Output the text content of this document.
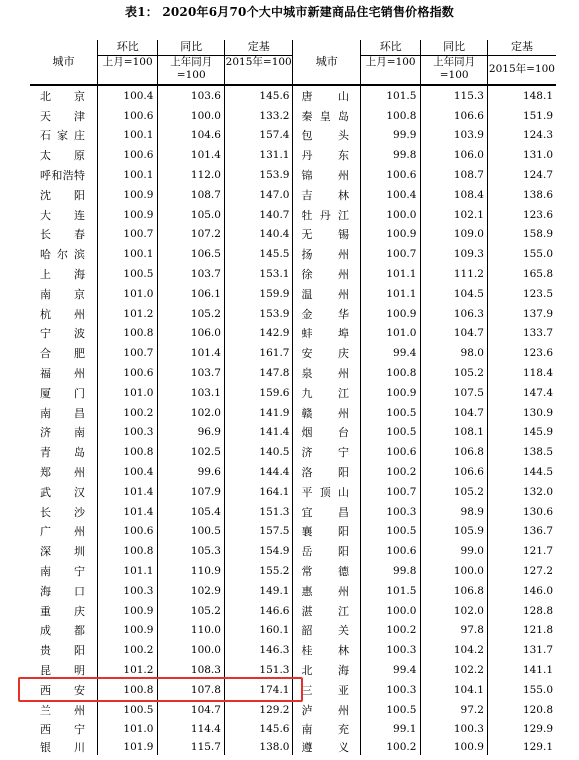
表1： 2020年6月70个大中城市新建商品住宅销售价格指数
城市	环比	同比	定基	城市	环比	同比	定基
	上月=100	上年同月=100	2015年=100		上月=100	上年同月=100	2015年=100
北京	100.4	103.6	145.6	唐山	101.5	115.3	148.1
天津	100.6	100.0	133.2	秦皇岛	100.8	106.6	151.9
石家庄	100.1	104.6	157.4	包头	99.9	103.9	124.3
太原	100.6	101.4	131.1	丹东	99.8	106.0	131.0
呼和浩特	100.1	112.0	153.9	锦州	100.6	108.7	124.7
沈阳	100.9	108.7	147.0	吉林	100.4	108.4	138.6
大连	100.9	105.0	140.7	牡丹江	100.0	102.1	123.6
长春	100.7	107.2	140.4	无锡	100.9	109.0	158.9
哈尔滨	100.1	106.5	145.5	扬州	100.7	109.3	155.0
上海	100.5	103.7	153.1	徐州	101.1	111.2	165.8
南京	101.0	106.1	159.9	温州	101.1	104.5	123.5
杭州	101.2	105.2	153.9	金华	100.9	106.3	137.9
宁波	100.8	106.0	142.9	蚌埠	101.0	104.7	133.7
合肥	100.7	101.4	161.7	安庆	99.4	98.0	123.6
福州	100.6	103.7	147.8	泉州	100.8	105.2	118.4
厦门	101.0	103.1	159.6	九江	100.9	107.5	147.4
南昌	100.2	102.0	141.9	赣州	100.5	104.7	130.9
济南	100.3	96.9	141.4	烟台	100.5	108.1	145.9
青岛	100.8	102.5	140.5	济宁	100.6	106.8	138.5
郑州	100.4	99.6	144.4	洛阳	100.2	106.6	144.5
武汉	101.4	107.9	164.1	平顶山	100.7	105.2	132.0
长沙	101.4	105.4	151.3	宜昌	100.3	98.9	130.6
广州	100.6	100.5	157.5	襄阳	100.5	105.9	136.7
深圳	100.8	105.3	154.9	岳阳	100.6	99.0	121.7
南宁	101.1	110.9	155.2	常德	99.8	100.0	127.2
海口	100.3	102.9	149.1	惠州	101.5	106.8	146.0
重庆	100.9	105.2	146.6	湛江	100.0	102.0	128.8
成都	100.9	110.0	160.1	韶关	100.2	97.8	121.8
贵阳	100.2	100.0	146.3	桂林	100.3	104.2	131.7
昆明	101.2	108.3	151.3	北海	99.4	102.2	141.1
西安	100.8	107.8	174.1	三亚	100.3	104.1	155.0
兰州	100.5	104.7	129.2	泸州	100.5	97.2	120.8
西宁	101.0	114.4	145.6	南充	99.1	100.3	129.9
银川	101.9	115.7	138.0	遵义	100.2	100.9	129.1
